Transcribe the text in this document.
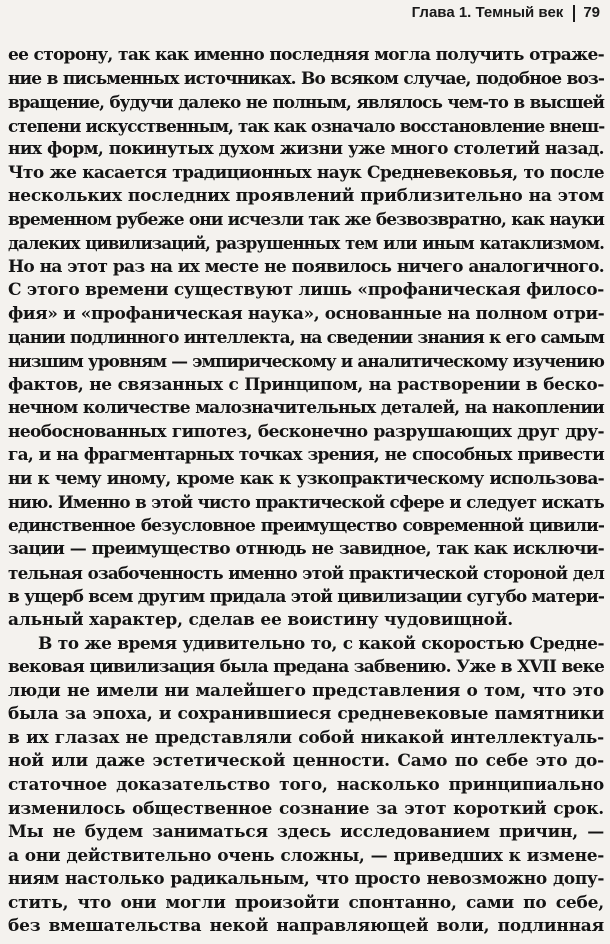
Глава 1. Темный век 79
ее сторону, так как именно последняя могла получить отраже-
ние в письменных источниках. Во всяком случае, подобное воз-
вращение, будучи далеко не полным, являлось чем-то в высшей
степени искусственным, так как означало восстановление внеш-
них форм, покинутых духом жизни уже много столетий назад.
Что же касается традиционных наук Средневековья, то после
нескольких последних проявлений приблизительно на этом
временном рубеже они исчезли так же безвозвратно, как науки
далеких цивилизаций, разрушенных тем или иным катаклизмом.
Но на этот раз на их месте не появилось ничего аналогичного.
С этого времени существуют лишь «профаническая филосо-
фия» и «профаническая наука», основанные на полном отри-
цании подлинного интеллекта, на сведении знания к его самым
низшим уровням — эмпирическому и аналитическому изучению
фактов, не связанных с Принципом, на растворении в беско-
нечном количестве малозначительных деталей, на накоплении
необоснованных гипотез, бесконечно разрушающих друг дру-
га, и на фрагментарных точках зрения, не способных привести
ни к чему иному, кроме как к узкопрактическому использова-
нию. Именно в этой чисто практической сфере и следует искать
единственное безусловное преимущество современной цивили-
зации — преимущество отнюдь не завидное, так как исключи-
тельная озабоченность именно этой практической стороной дел
в ущерб всем другим придала этой цивилизации сугубо матери-
альный характер, сделав ее воистину чудовищной.
В то же время удивительно то, с какой скоростью Средне-
вековая цивилизация была предана забвению. Уже в XVII веке
люди не имели ни малейшего представления о том, что это
была за эпоха, и сохранившиеся средневековые памятники
в их глазах не представляли собой никакой интеллектуаль-
ной или даже эстетической ценности. Само по себе это до-
статочное доказательство того, насколько принципиально
изменилось общественное сознание за этот короткий срок.
Мы не будем заниматься здесь исследованием причин, —
а они действительно очень сложны, — приведших к измене-
ниям настолько радикальным, что просто невозможно допу-
стить, что они могли произойти спонтанно, сами по себе,
без вмешательства некой направляющей воли, подлинная
